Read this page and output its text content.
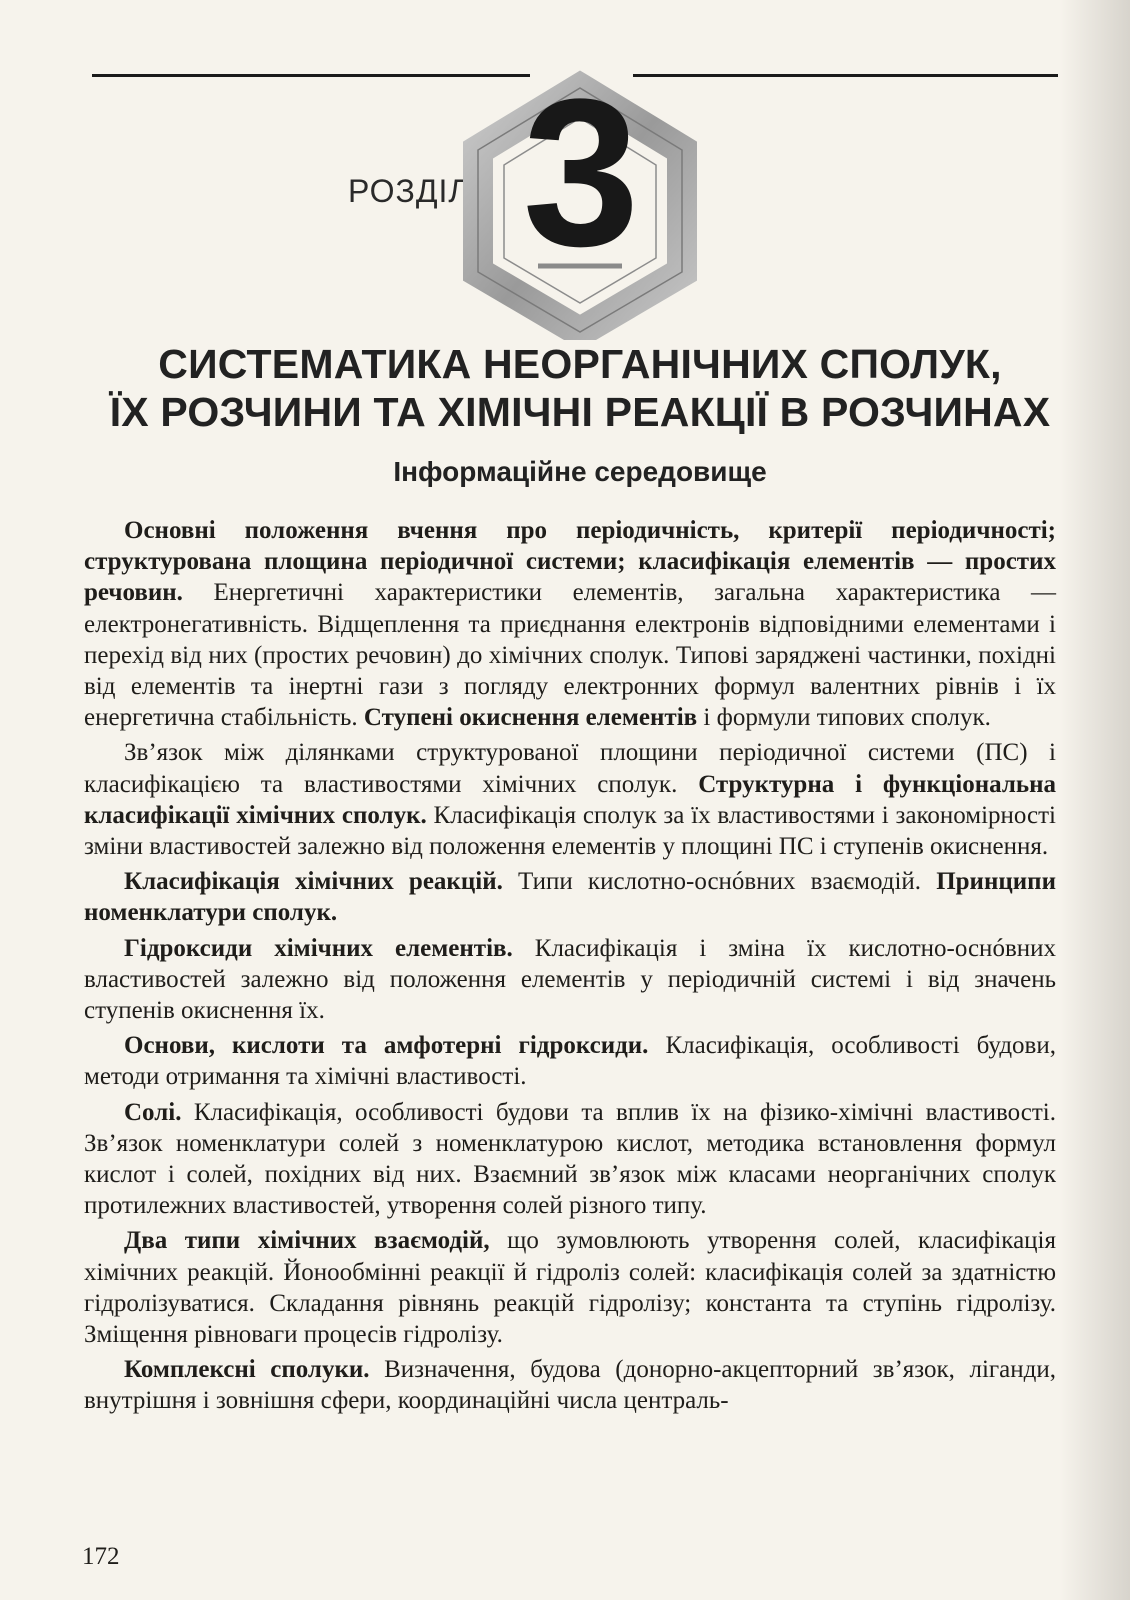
РОЗДІЛ 3
СИСТЕМАТИКА НЕОРГАНІЧНИХ СПОЛУК,
ЇХ РОЗЧИНИ ТА ХІМІЧНІ РЕАКЦІЇ В РОЗЧИНАХ
Інформаційне середовище

Основні положення вчення про періодичність, критерії періодичності; структурована площина періодичної системи; класифікація елементів — простих речовин. Енергетичні характеристики елементів, загальна характеристика — електронегативність. Відщеплення та приєднання електронів відповідними елементами і перехід від них (простих речовин) до хімічних сполук. Типові заряджені частинки, похідні від елементів та інертні гази з погляду електронних формул валентних рівнів і їх енергетична стабільність. Ступені окиснення елементів і формули типових сполук.

Зв’язок між ділянками структурованої площини періодичної системи (ПС) і класифікацією та властивостями хімічних сполук. Структурна і функціональна класифікації хімічних сполук. Класифікація сполук за їх властивостями і закономірності зміни властивостей залежно від положення елементів у площині ПС і ступенів окиснення.

Класифікація хімічних реакцій. Типи кислотно-оснóвних взаємодій. Принципи номенклатури сполук.

Гідроксиди хімічних елементів. Класифікація і зміна їх кислотно-оснóвних властивостей залежно від положення елементів у періодичній системі і від значень ступенів окиснення їх.

Основи, кислоти та амфотерні гідроксиди. Класифікація, особливості будови, методи отримання та хімічні властивості.

Солі. Класифікація, особливості будови та вплив їх на фізико-хімічні властивості. Зв’язок номенклатури солей з номенклатурою кислот, методика встановлення формул кислот і солей, похідних від них. Взаємний зв’язок між класами неорганічних сполук протилежних властивостей, утворення солей різного типу.

Два типи хімічних взаємодій, що зумовлюють утворення солей, класифікація хімічних реакцій. Йонообмінні реакції й гідроліз солей: класифікація солей за здатністю гідролізуватися. Складання рівнянь реакцій гідролізу; константа та ступінь гідролізу. Зміщення рівноваги процесів гідролізу.

Комплексні сполуки. Визначення, будова (донорно-акцепторний зв’язок, ліганди, внутрішня і зовнішня сфери, координаційні числа централь-

172
